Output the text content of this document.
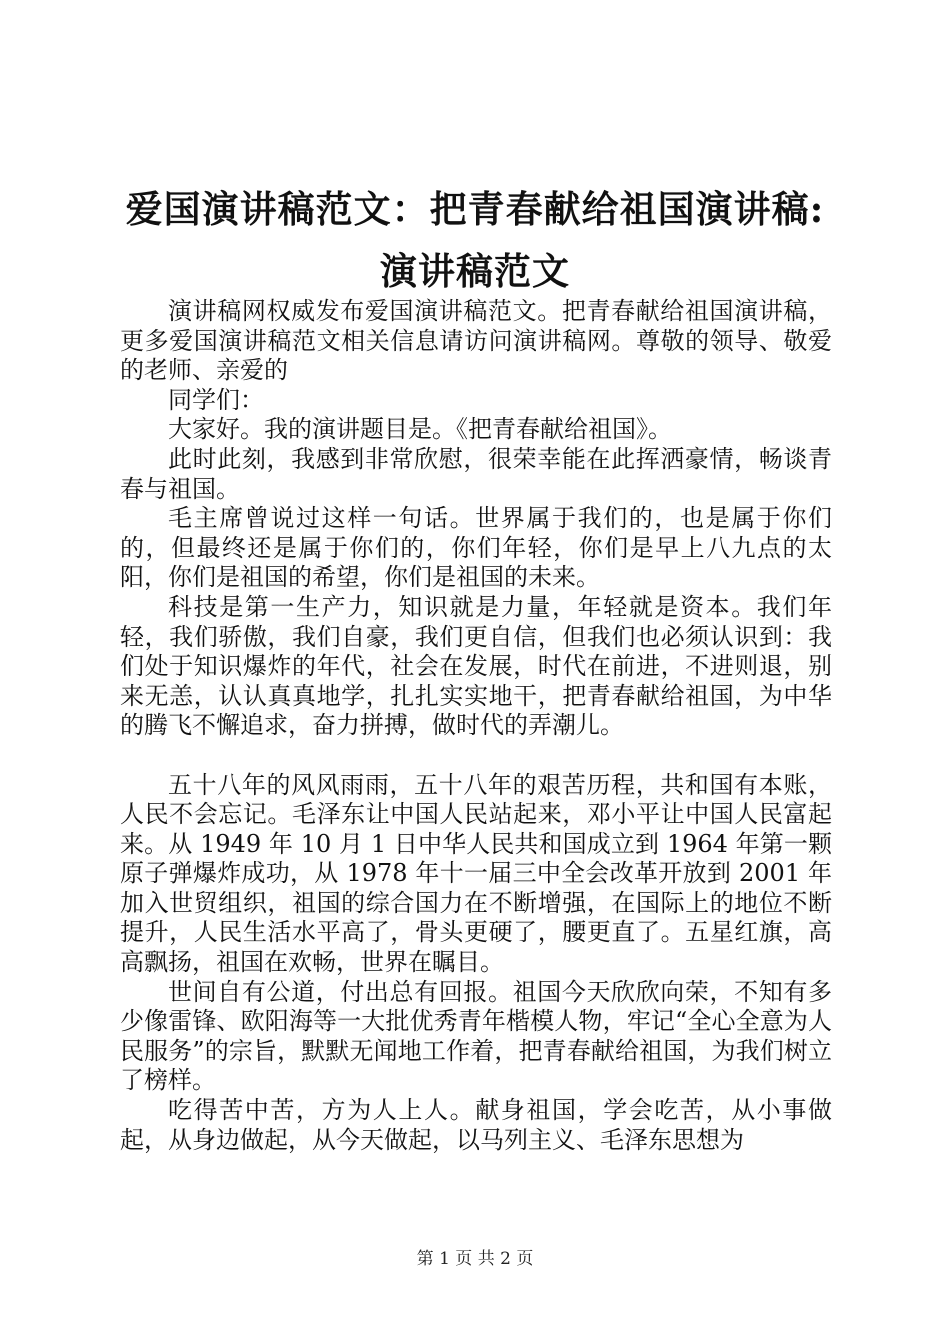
爱国演讲稿范文：把青春献给祖国演讲稿:演讲稿范文

演讲稿网权威发布爱国演讲稿范文。把青春献给祖国演讲稿，更多爱国演讲稿范文相关信息请访问演讲稿网。尊敬的领导、敬爱的老师、亲爱的

同学们：

大家好。我的演讲题目是。《把青春献给祖国》。

此时此刻，我感到非常欣慰，很荣幸能在此挥洒豪情，畅谈青春与祖国。

毛主席曾说过这样一句话。世界属于我们的，也是属于你们的，但最终还是属于你们的，你们年轻，你们是早上八九点的太阳，你们是祖国的希望，你们是祖国的未来。

科技是第一生产力，知识就是力量，年轻就是资本。我们年轻，我们骄傲，我们自豪，我们更自信，但我们也必须认识到：我们处于知识爆炸的年代，社会在发展，时代在前进，不进则退，别来无恙，认认真真地学，扎扎实实地干，把青春献给祖国，为中华的腾飞不懈追求，奋力拼搏，做时代的弄潮儿。

五十八年的风风雨雨，五十八年的艰苦历程，共和国有本账，人民不会忘记。毛泽东让中国人民站起来，邓小平让中国人民富起来。从 1949 年 10 月 1 日中华人民共和国成立到 1964 年第一颗原子弹爆炸成功，从 1978 年十一届三中全会改革开放到 2001 年加入世贸组织，祖国的综合国力在不断增强，在国际上的地位不断提升，人民生活水平高了，骨头更硬了，腰更直了。五星红旗，高高飘扬，祖国在欢畅，世界在瞩目。

世间自有公道，付出总有回报。祖国今天欣欣向荣，不知有多少像雷锋、欧阳海等一大批优秀青年楷模人物，牢记“全心全意为人民服务”的宗旨，默默无闻地工作着，把青春献给祖国，为我们树立了榜样。

吃得苦中苦，方为人上人。献身祖国，学会吃苦，从小事做起，从身边做起，从今天做起，以马列主义、毛泽东思想为

第 1 页 共 2 页
